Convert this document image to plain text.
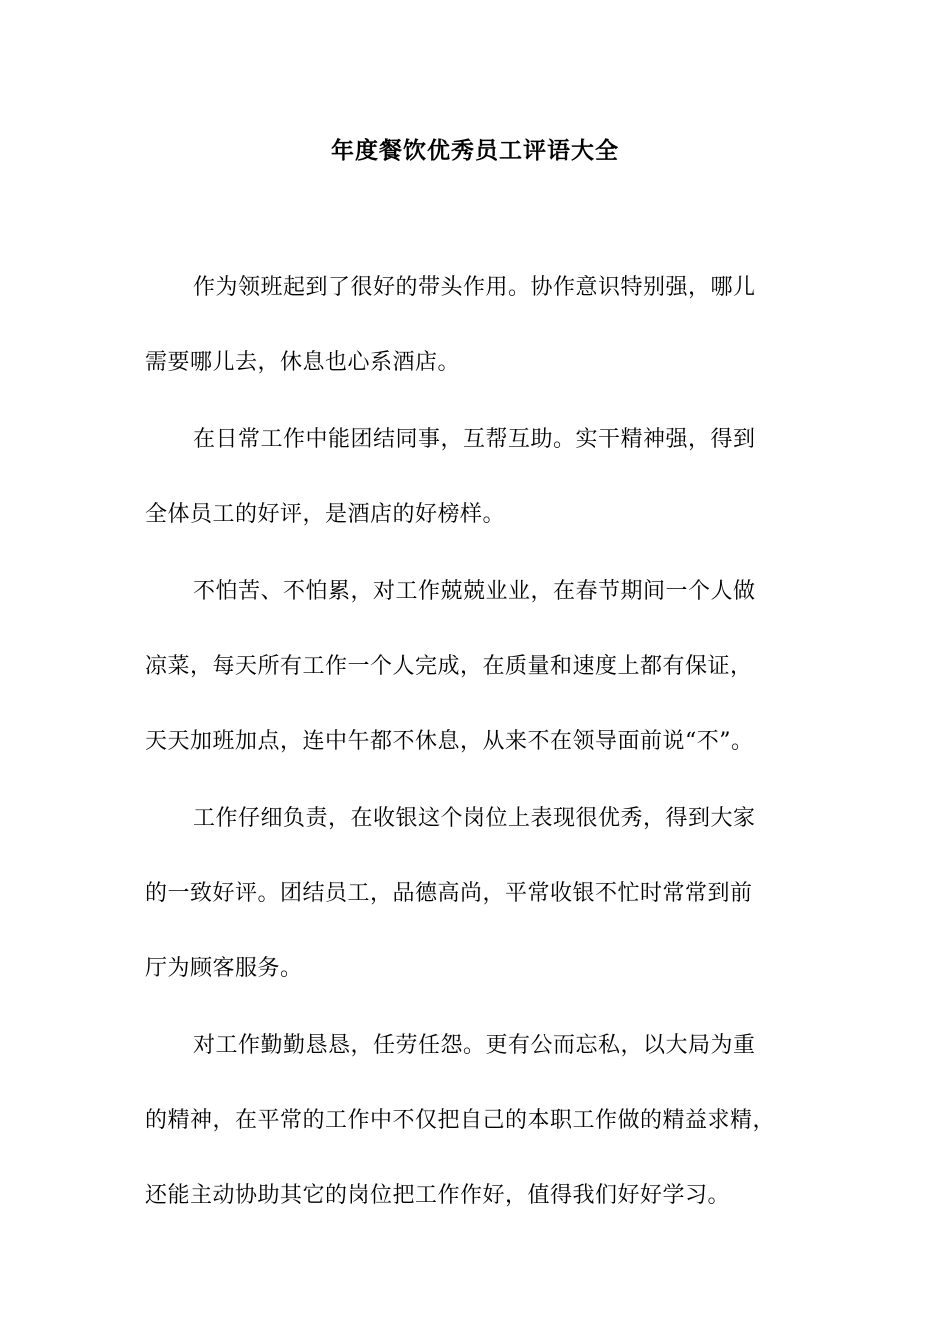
年度餐饮优秀员工评语大全

作为领班起到了很好的带头作用。协作意识特别强，哪儿
需要哪儿去，休息也心系酒店。

在日常工作中能团结同事，互帮互助。实干精神强，得到
全体员工的好评，是酒店的好榜样。

不怕苦、不怕累，对工作兢兢业业，在春节期间一个人做
凉菜，每天所有工作一个人完成，在质量和速度上都有保证，
天天加班加点，连中午都不休息，从来不在领导面前说“不”。

工作仔细负责，在收银这个岗位上表现很优秀，得到大家
的一致好评。团结员工，品德高尚，平常收银不忙时常常到前
厅为顾客服务。

对工作勤勤恳恳，任劳任怨。更有公而忘私，以大局为重
的精神，在平常的工作中不仅把自己的本职工作做的精益求精，
还能主动协助其它的岗位把工作作好，值得我们好好学习。
